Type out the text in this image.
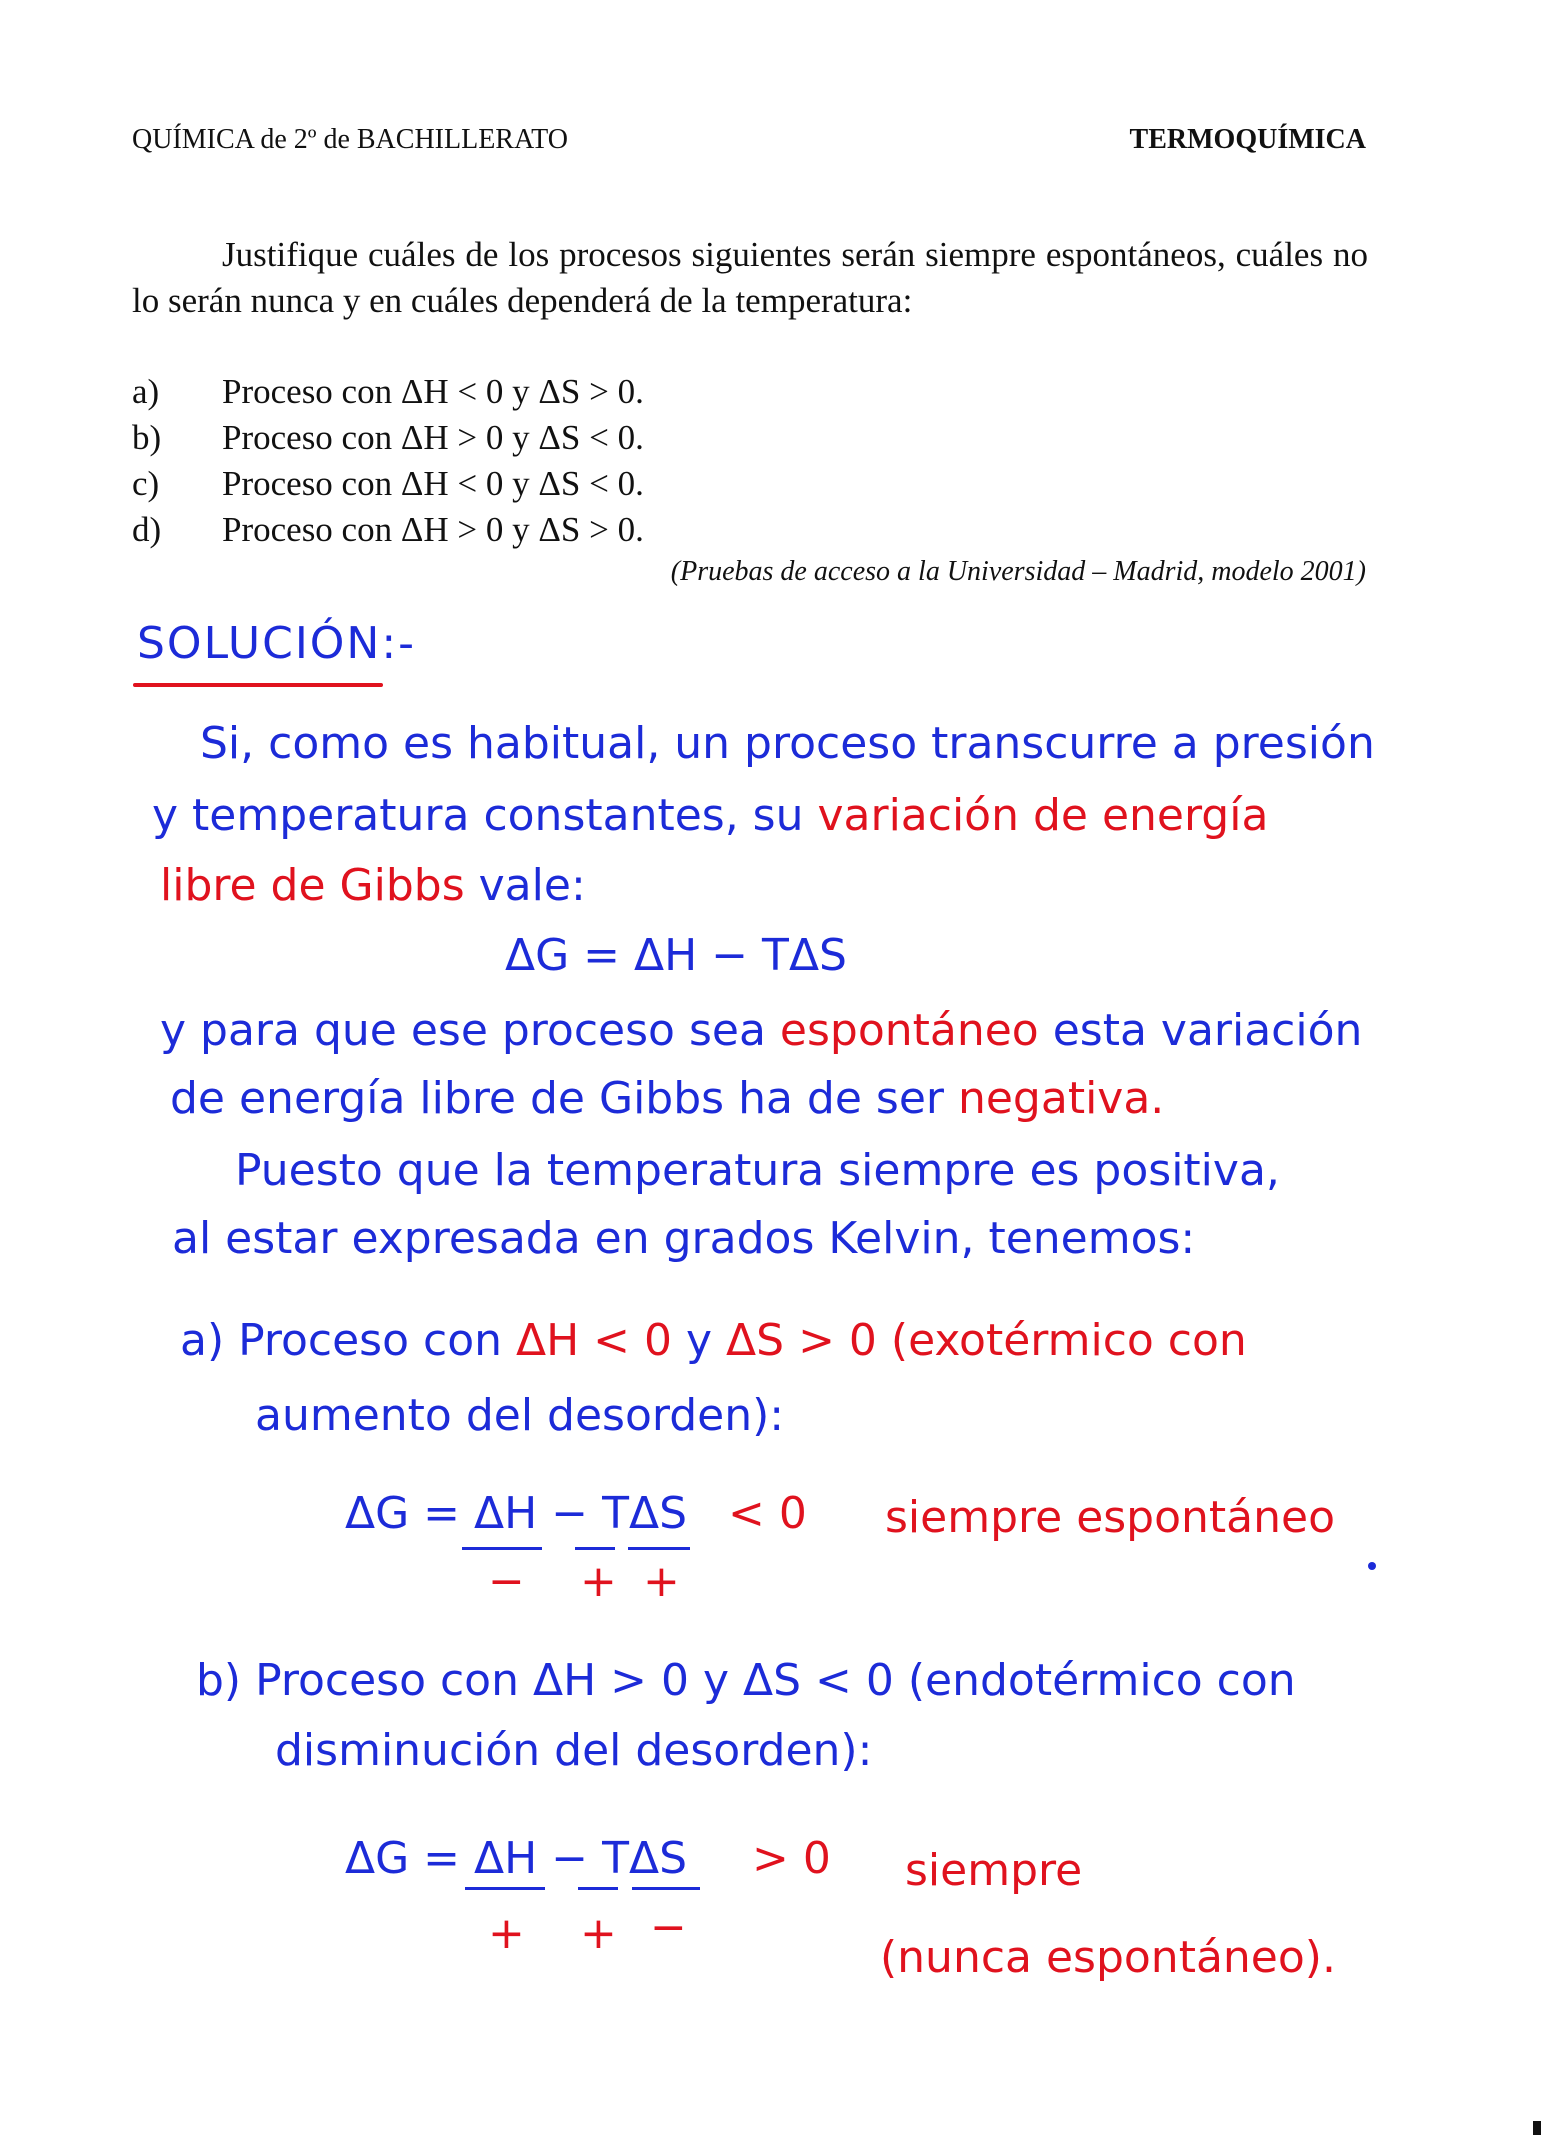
QUÍMICA de 2º de BACHILLERATO	TERMOQUÍMICA
Justifique cuáles de los procesos siguientes serán siempre espontáneos, cuáles no lo serán nunca y en cuáles dependerá de la temperatura:
a) Proceso con ΔH < 0 y ΔS > 0.
b) Proceso con ΔH > 0 y ΔS < 0.
c) Proceso con ΔH < 0 y ΔS < 0.
d) Proceso con ΔH > 0 y ΔS > 0.
(Pruebas de acceso a la Universidad – Madrid, modelo 2001)
SOLUCIÓN:-
Si, como es habitual, un proceso transcurre a presión
y temperatura constantes, su variación de energía
libre de Gibbs vale:
ΔG = ΔH − TΔS
y para que ese proceso sea espontáneo esta variación
de energía libre de Gibbs ha de ser negativa.
Puesto que la temperatura siempre es positiva,
al estar expresada en grados Kelvin, tenemos:
a) Proceso con ΔH < 0 y ΔS > 0 (exotérmico con
aumento del desorden):
ΔG = ΔH − TΔS < 0
− + +
siempre espontáneo
b) Proceso con ΔH > 0 y ΔS < 0 (endotérmico con
disminución del desorden):
ΔG = ΔH − TΔS > 0
+ + −
siempre
(nunca espontáneo).
